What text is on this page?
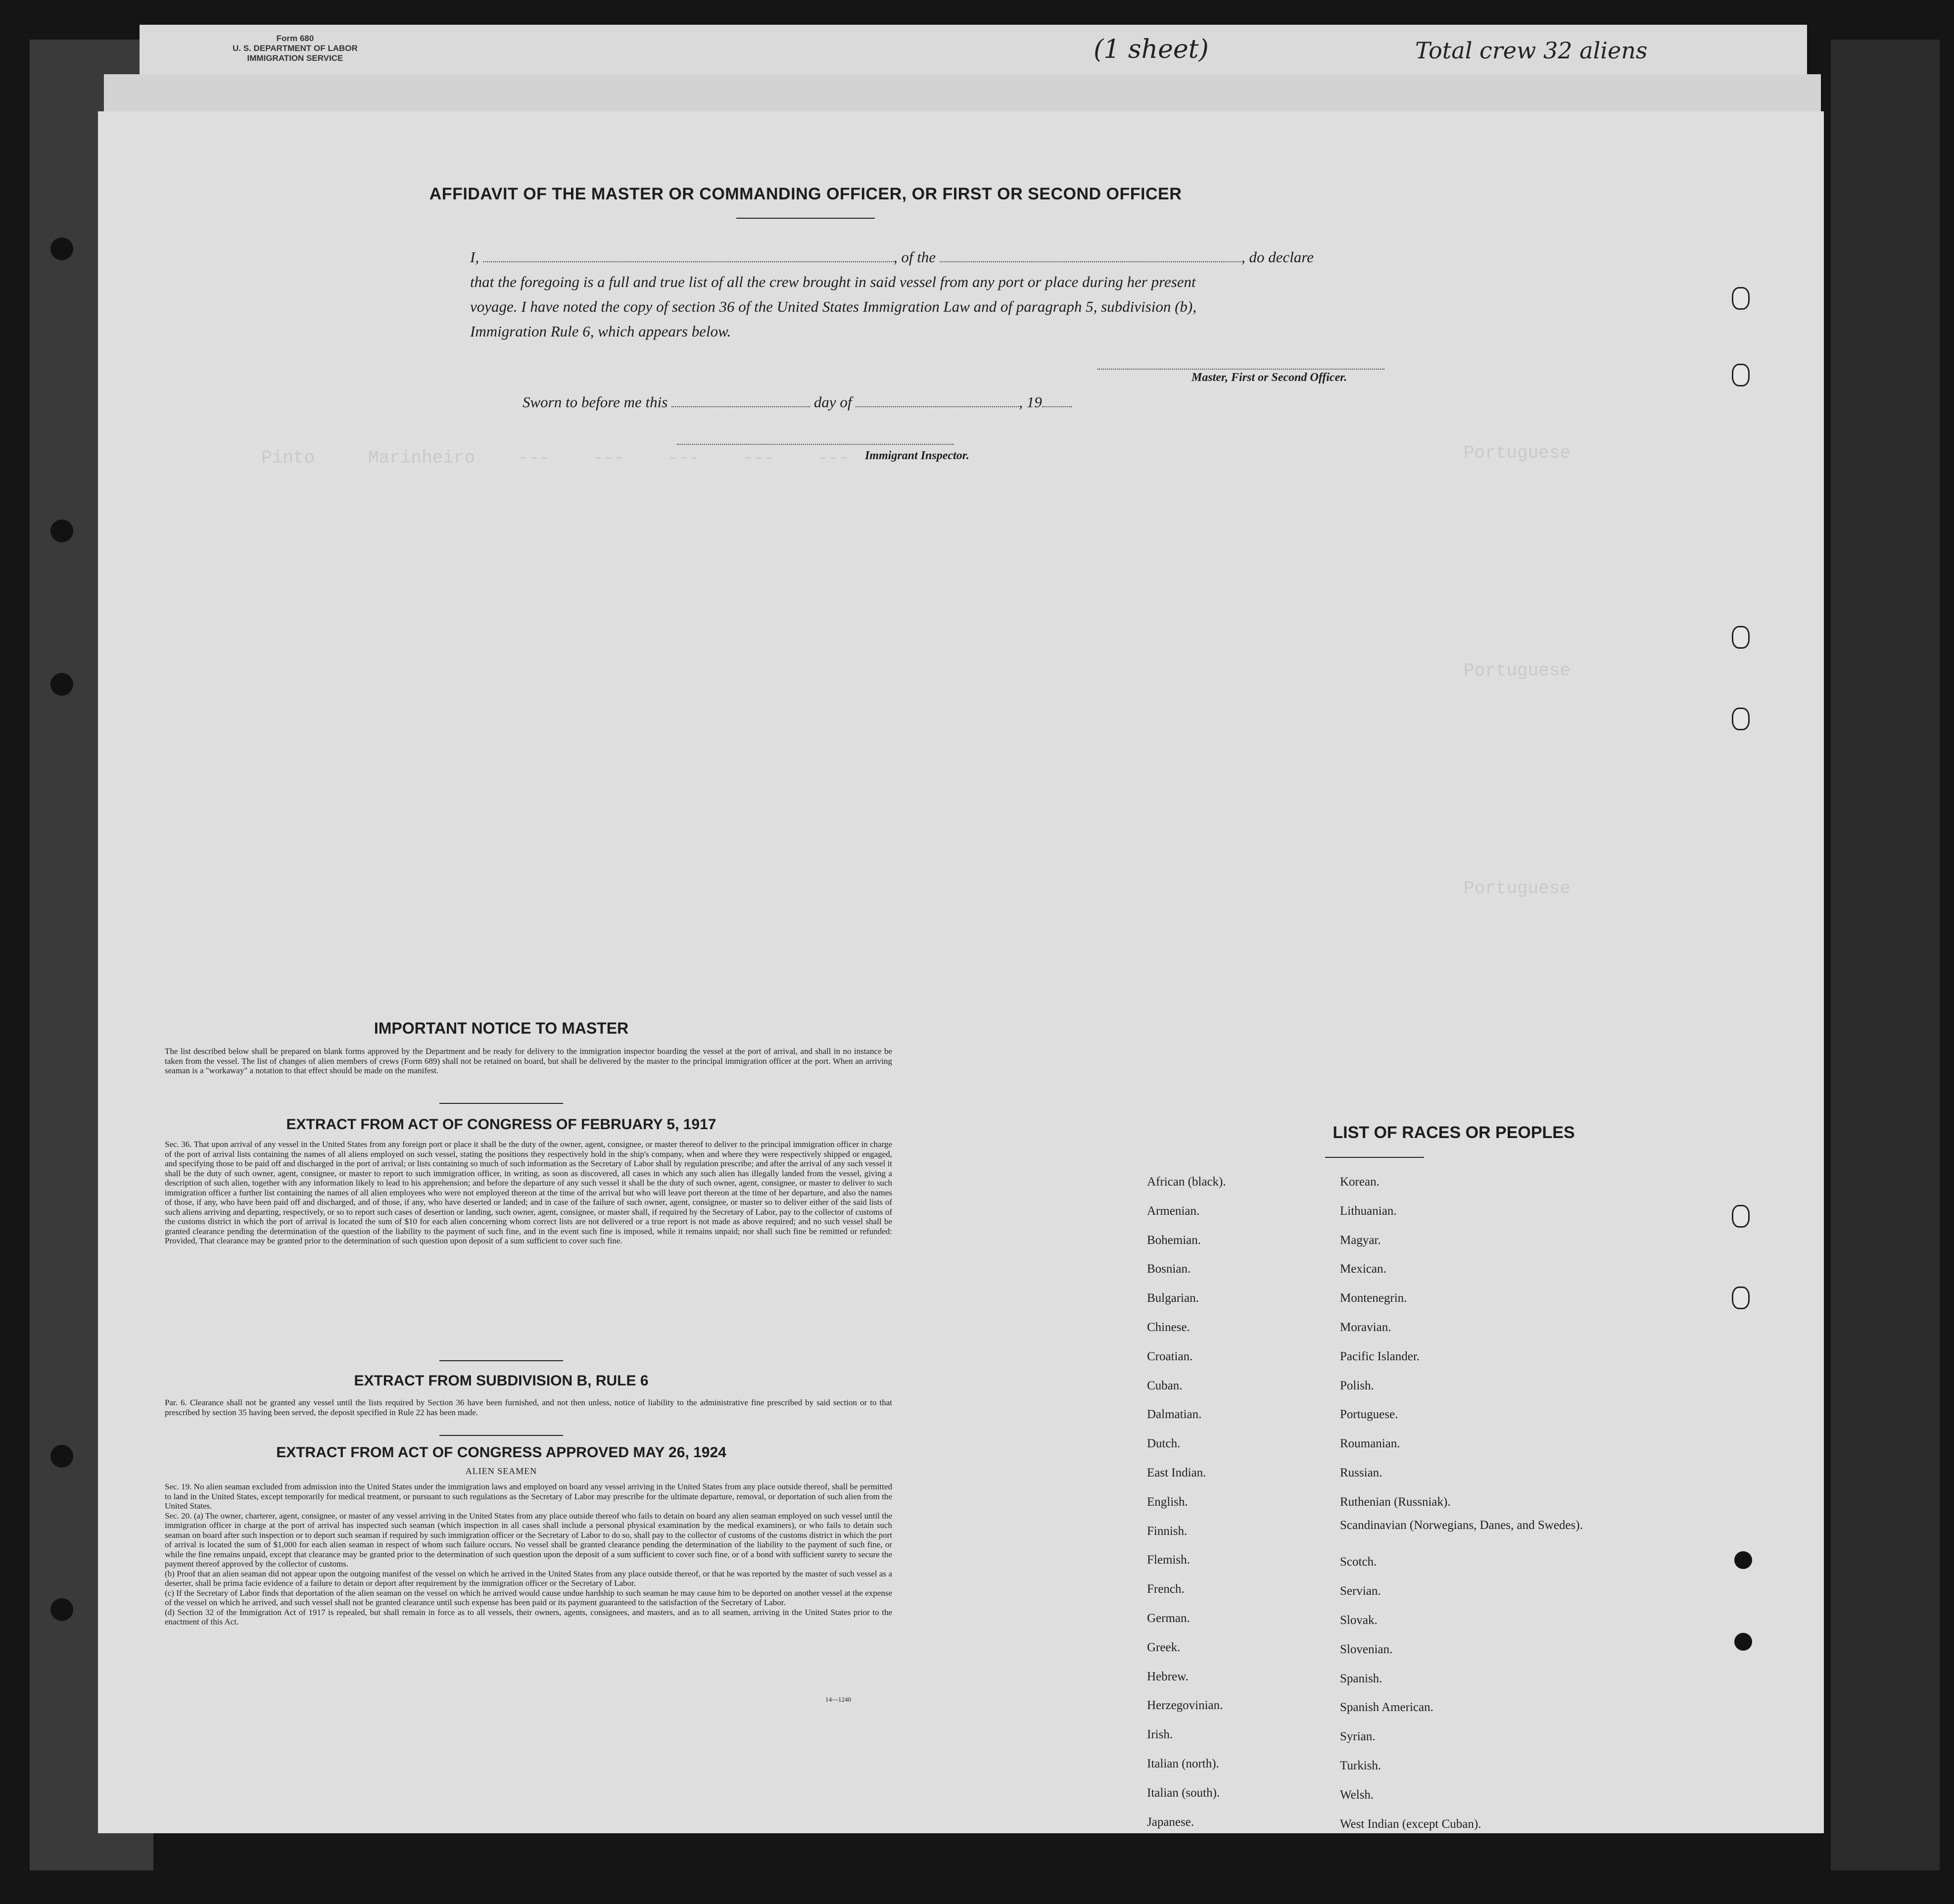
Form 680
U. S. DEPARTMENT OF LABOR
IMMIGRATION SERVICE	(1 sheet)	Total crew 32 aliens
Pinto     Marinheiro    ---    ---    ---    ---    ---	Portuguese
Portuguese
Portuguese
AFFIDAVIT OF THE MASTER OR COMMANDING OFFICER, OR FIRST OR SECOND OFFICER

I,	, of the	, do declare

that the foregoing is a full and true list of all the crew brought in said vessel from any port or place during her present

voyage. I have noted the copy of section 36 of the United States Immigration Law and of paragraph 5, subdivision (b),

Immigration Rule 6, which appears below.

Master, First or Second Officer.
Sworn to before me this	day of	, 19
Immigrant Inspector.
IMPORTANT NOTICE TO MASTER
The list described below shall be prepared on blank forms approved by the Department and be ready for delivery to the immigration inspector boarding the vessel at the port of arrival, and shall in no instance be taken from the vessel. The list of changes of alien members of crews (Form 689) shall not be retained on board, but shall be delivered by the master to the principal immigration officer at the port. When an arriving seaman is a "workaway" a notation to that effect should be made on the manifest.
EXTRACT FROM ACT OF CONGRESS OF FEBRUARY 5, 1917
Sec. 36. That upon arrival of any vessel in the United States from any foreign port or place it shall be the duty of the owner, agent, consignee, or master thereof to deliver to the principal immigration officer in charge of the port of arrival lists containing the names of all aliens employed on such vessel, stating the positions they respectively hold in the ship's company, when and where they were respectively shipped or engaged, and specifying those to be paid off and discharged in the port of arrival; or lists containing so much of such information as the Secretary of Labor shall by regulation prescribe; and after the arrival of any such vessel it shall be the duty of such owner, agent, consignee, or master to report to such immigration officer, in writing, as soon as discovered, all cases in which any such alien has illegally landed from the vessel, giving a description of such alien, together with any information likely to lead to his apprehension; and before the departure of any such vessel it shall be the duty of such owner, agent, consignee, or master to deliver to such immigration officer a further list containing the names of all alien employees who were not employed thereon at the time of the arrival but who will leave port thereon at the time of her departure, and also the names of those, if any, who have been paid off and discharged, and of those, if any, who have deserted or landed; and in case of the failure of such owner, agent, consignee, or master so to deliver either of the said lists of such aliens arriving and departing, respectively, or so to report such cases of desertion or landing, such owner, agent, consignee, or master shall, if required by the Secretary of Labor, pay to the collector of customs of the customs district in which the port of arrival is located the sum of $10 for each alien concerning whom correct lists are not delivered or a true report is not made as above required; and no such vessel shall be granted clearance pending the determination of the question of the liability to the payment of such fine, and in the event such fine is imposed, while it remains unpaid; nor shall such fine be remitted or refunded: Provided, That clearance may be granted prior to the determination of such question upon deposit of a sum sufficient to cover such fine.
EXTRACT FROM SUBDIVISION B, RULE 6
Par. 6. Clearance shall not be granted any vessel until the lists required by Section 36 have been furnished, and not then unless, notice of liability to the administrative fine prescribed by said section or to that prescribed by section 35 having been served, the deposit specified in Rule 22 has been made.
EXTRACT FROM ACT OF CONGRESS APPROVED MAY 26, 1924
ALIEN SEAMEN

Sec. 19. No alien seaman excluded from admission into the United States under the immigration laws and employed on board any vessel arriving in the United States from any place outside thereof, shall be permitted to land in the United States, except temporarily for medical treatment, or pursuant to such regulations as the Secretary of Labor may prescribe for the ultimate departure, removal, or deportation of such alien from the United States.

Sec. 20. (a) The owner, charterer, agent, consignee, or master of any vessel arriving in the United States from any place outside thereof who fails to detain on board any alien seaman employed on such vessel until the immigration officer in charge at the port of arrival has inspected such seaman (which inspection in all cases shall include a personal physical examination by the medical examiners), or who fails to detain such seaman on board after such inspection or to deport such seaman if required by such immigration officer or the Secretary of Labor to do so, shall pay to the collector of customs of the customs district in which the port of arrival is located the sum of $1,000 for each alien seaman in respect of whom such failure occurs. No vessel shall be granted clearance pending the determination of the liability to the payment of such fine, or while the fine remains unpaid, except that clearance may be granted prior to the determination of such question upon the deposit of a sum sufficient to cover such fine, or of a bond with sufficient surety to secure the payment thereof approved by the collector of customs.

(b) Proof that an alien seaman did not appear upon the outgoing manifest of the vessel on which he arrived in the United States from any place outside thereof, or that he was reported by the master of such vessel as a deserter, shall be prima facie evidence of a failure to detain or deport after requirement by the immigration officer or the Secretary of Labor.

(c) If the Secretary of Labor finds that deportation of the alien seaman on the vessel on which he arrived would cause undue hardship to such seaman he may cause him to be deported on another vessel at the expense of the vessel on which he arrived, and such vessel shall not be granted clearance until such expense has been paid or its payment guaranteed to the satisfaction of the Secretary of Labor.

(d) Section 32 of the Immigration Act of 1917 is repealed, but shall remain in force as to all vessels, their owners, agents, consignees, and masters, and as to all seamen, arriving in the United States prior to the enactment of this Act.

14—1240
LIST OF RACES OR PEOPLES
African (black).
Armenian.
Bohemian.
Bosnian.
Bulgarian.
Chinese.
Croatian.
Cuban.
Dalmatian.
Dutch.
East Indian.
English.
Finnish.
Flemish.
French.
German.
Greek.
Hebrew.
Herzegovinian.
Irish.
Italian (north).
Italian (south).
Japanese.
Korean.
Lithuanian.
Magyar.
Mexican.
Montenegrin.
Moravian.
Pacific Islander.
Polish.
Portuguese.
Roumanian.
Russian.
Ruthenian (Russniak).
Scandinavian (Norwegians, Danes, and Swedes).
Scotch.
Servian.
Slovak.
Slovenian.
Spanish.
Spanish American.
Syrian.
Turkish.
Welsh.
West Indian (except Cuban).
